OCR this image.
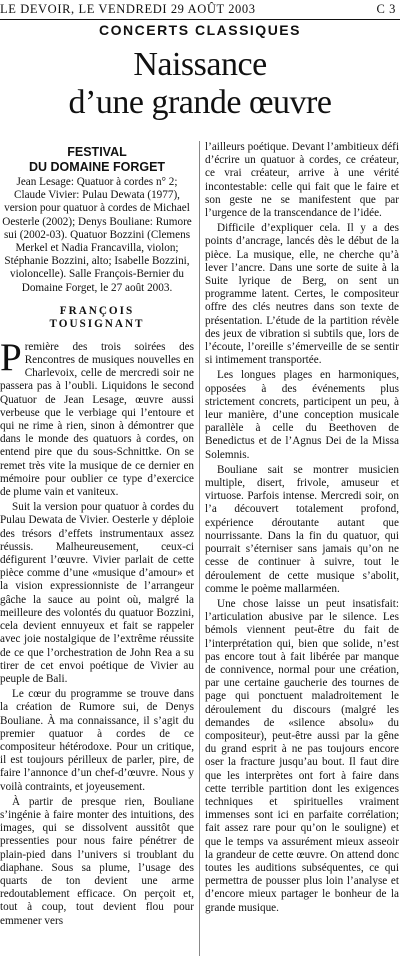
LE DEVOIR, LE VENDREDI 29 AOÛT 2003	C 3
CONCERTS CLASSIQUES
Naissance
d’une grande œuvre
FESTIVAL
DU DOMAINE FORGET
Jean Lesage: Quatuor à cordes n° 2; Claude Vivier: Pulau Dewata (1977), version pour quatuor à cordes de Michael Oesterle (2002); Denys Bouliane: Rumore sui (2002-03). Quatuor Bozzini (Clemens Merkel et Nadia Francavilla, violon; Stéphanie Bozzini, alto; Isabelle Bozzini, violoncelle). Salle François-Bernier du Domaine Forget, le 27 août 2003.
FRANÇOIS
TOUSIGNANT

Première des trois soirées des Rencontres de musiques nouvelles en Charlevoix, celle de mercredi soir ne passera pas à l’oubli. Liquidons le second Quatuor de Jean Lesage, œuvre aussi verbeuse que le verbiage qui l’entoure et qui ne rime à rien, sinon à démontrer que dans le monde des quatuors à cordes, on entend pire que du sous-Schnittke. On se remet très vite la musique de ce dernier en mémoire pour oublier ce type d’exercice de plume vain et vaniteux.

Suit la version pour quatuor à cordes du Pulau Dewata de Vivier. Oesterle y déploie des trésors d’effets instrumentaux assez réussis. Malheureusement, ceux-ci défigurent l’œuvre. Vivier parlait de cette pièce comme d’une «musique d’amour» et la vision expressionniste de l’arrangeur gâche la sauce au point où, malgré la meilleure des volontés du quatuor Bozzini, cela devient ennuyeux et fait se rappeler avec joie nostalgique de l’extrême réussite de ce que l’orchestration de John Rea a su tirer de cet envoi poétique de Vivier au peuple de Bali.

Le cœur du programme se trouve dans la création de Rumore sui, de Denys Bouliane. À ma connaissance, il s’agit du premier quatuor à cordes de ce compositeur hétérodoxe. Pour un critique, il est toujours périlleux de parler, pire, de faire l’annonce d’un chef-d’œuvre. Nous y voilà contraints, et joyeusement.

À partir de presque rien, Bouliane s’ingénie à faire monter des intuitions, des images, qui se dissolvent aussitôt que pressenties pour nous faire pénétrer de plain-pied dans l’univers si troublant du diaphane. Sous sa plume, l’usage des quarts de ton devient une arme redoutablement efficace. On perçoit et, tout à coup, tout devient flou pour emmener vers

l’ailleurs poétique. Devant l’ambitieux défi d’écrire un quatuor à cordes, ce créateur, ce vrai créateur, arrive à une vérité incontestable: celle qui fait que le faire et son geste ne se manifestent que par l’urgence de la transcendance de l’idée.

Difficile d’expliquer cela. Il y a des points d’ancrage, lancés dès le début de la pièce. La musique, elle, ne cherche qu’à lever l’ancre. Dans une sorte de suite à la Suite lyrique de Berg, on sent un programme latent. Certes, le compositeur offre des clés neutres dans son texte de présentation. L’étude de la partition révèle des jeux de vibration si subtils que, lors de l’écoute, l’oreille s’émerveille de se sentir si intimement transportée.

Les longues plages en harmoniques, opposées à des événements plus strictement concrets, participent un peu, à leur manière, d’une conception musicale parallèle à celle du Beethoven de Benedictus et de l’Agnus Dei de la Missa Solemnis.

Bouliane sait se montrer musicien multiple, disert, frivole, amuseur et virtuose. Parfois intense. Mercredi soir, on l’a découvert totalement profond, expérience déroutante autant que nourrissante. Dans la fin du quatuor, qui pourrait s’éterniser sans jamais qu’on ne cesse de continuer à suivre, tout le déroulement de cette musique s’abolit, comme le poème mallarméen.

Une chose laisse un peut insatisfait: l’articulation abusive par le silence. Les bémols viennent peut-être du fait de l’interprétation qui, bien que solide, n’est pas encore tout à fait libérée par manque de connivence, normal pour une création, par une certaine gaucherie des tournes de page qui ponctuent maladroitement le déroulement du discours (malgré les demandes de «silence absolu» du compositeur), peut-être aussi par la gêne du grand esprit à ne pas toujours encore oser la fracture jusqu’au bout. Il faut dire que les interprètes ont fort à faire dans cette terrible partition dont les exigences techniques et spirituelles vraiment immenses sont ici en parfaite corrélation; fait assez rare pour qu’on le souligne) et que le temps va assurément mieux asseoir la grandeur de cette œuvre. On attend donc toutes les auditions subséquentes, ce qui permettra de pousser plus loin l’analyse et d’encore mieux partager le bonheur de la grande musique.
